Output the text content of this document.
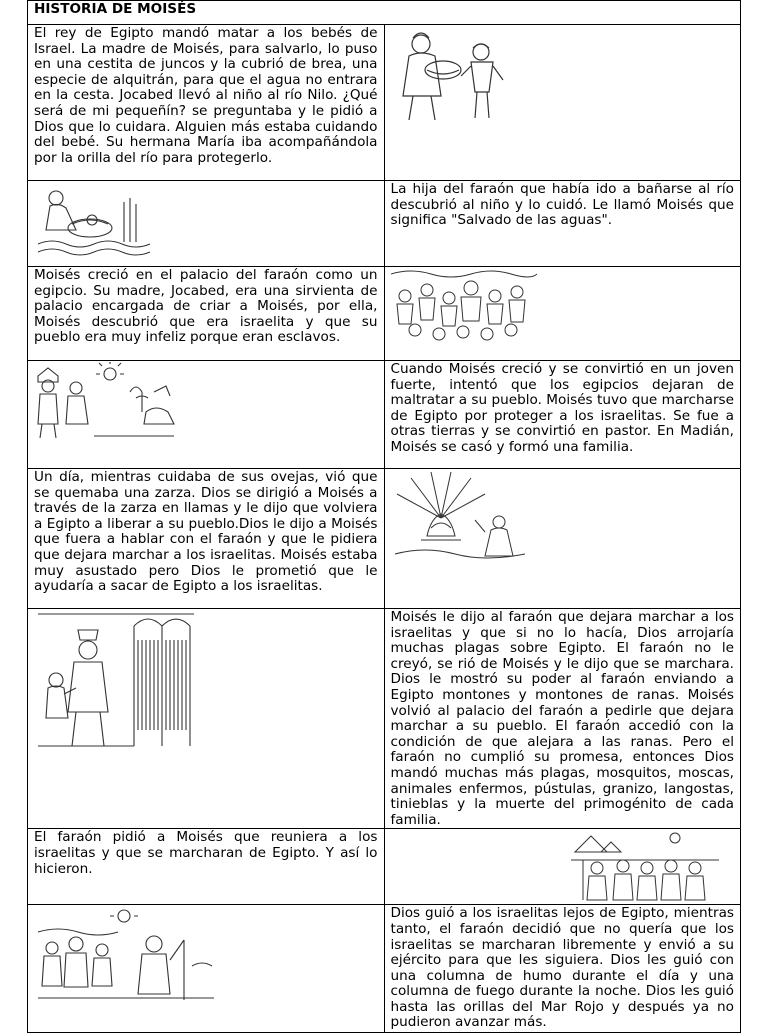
HISTORIA DE MOISÉS	
El rey de Egipto mandó matar a los bebés de Israel. La madre de Moisés, para salvarlo, lo puso en una cestita de juncos y la cubrió de brea, una especie de alquitrán, para que el agua no entrara en la cesta. Jocabed llevó al niño al río Nilo. ¿Qué será de mi pequeñín? se preguntaba y le pidió a Dios que lo cuidara. Alguien más estaba cuidando del bebé. Su hermana María iba acompañándola por la orilla del río para protegerlo.	

	La hija del faraón que había ido a bañarse al río descubrió al niño y lo cuidó. Le llamó Moisés que significa "Salvado de las aguas".
Moisés creció en el palacio del faraón como un egipcio. Su madre, Jocabed, era una sirvienta de palacio encargada de criar a Moisés, por ella, Moisés descubrió que era israelita y que su pueblo era muy infeliz porque eran esclavos.	

	Cuando Moisés creció y se convirtió en un joven fuerte, intentó que los egipcios dejaran de maltratar a su pueblo. Moisés tuvo que marcharse de Egipto por proteger a los israelitas. Se fue a otras tierras y se convirtió en pastor. En Madián, Moisés se casó y formó una familia.
Un día, mientras cuidaba de sus ovejas, vió que se quemaba una zarza. Dios se dirigió a Moisés a través de la zarza en llamas y le dijo que volviera a Egipto a liberar a su pueblo.Dios le dijo a Moisés que fuera a hablar con el faraón y que le pidiera que dejara marchar a los israelitas. Moisés estaba muy asustado pero Dios le prometió que le ayudaría a sacar de Egipto a los israelitas.	

	Moisés le dijo al faraón que dejara marchar a los israelitas y que si no lo hacía, Dios arrojaría muchas plagas sobre Egipto. El faraón no le creyó, se rió de Moisés y le dijo que se marchara. Dios le mostró su poder al faraón enviando a Egipto montones y montones de ranas. Moisés volvió al palacio del faraón a pedirle que dejara marchar a su pueblo. El faraón accedió con la condición de que alejara a las ranas. Pero el faraón no cumplió su promesa, entonces Dios mandó muchas más plagas, mosquitos, moscas, animales enfermos, pústulas, granizo, langostas, tinieblas y la muerte del primogénito de cada familia.
El faraón pidió a Moisés que reuniera a los israelitas y que se marcharan de Egipto. Y así lo hicieron.	

	Dios guió a los israelitas lejos de Egipto, mientras tanto, el faraón decidió que no quería que los israelitas se marcharan libremente y envió a su ejército para que les siguiera. Dios les guió con una columna de humo durante el día y una columna de fuego durante la noche. Dios les guió hasta las orillas del Mar Rojo y después ya no pudieron avanzar más.
